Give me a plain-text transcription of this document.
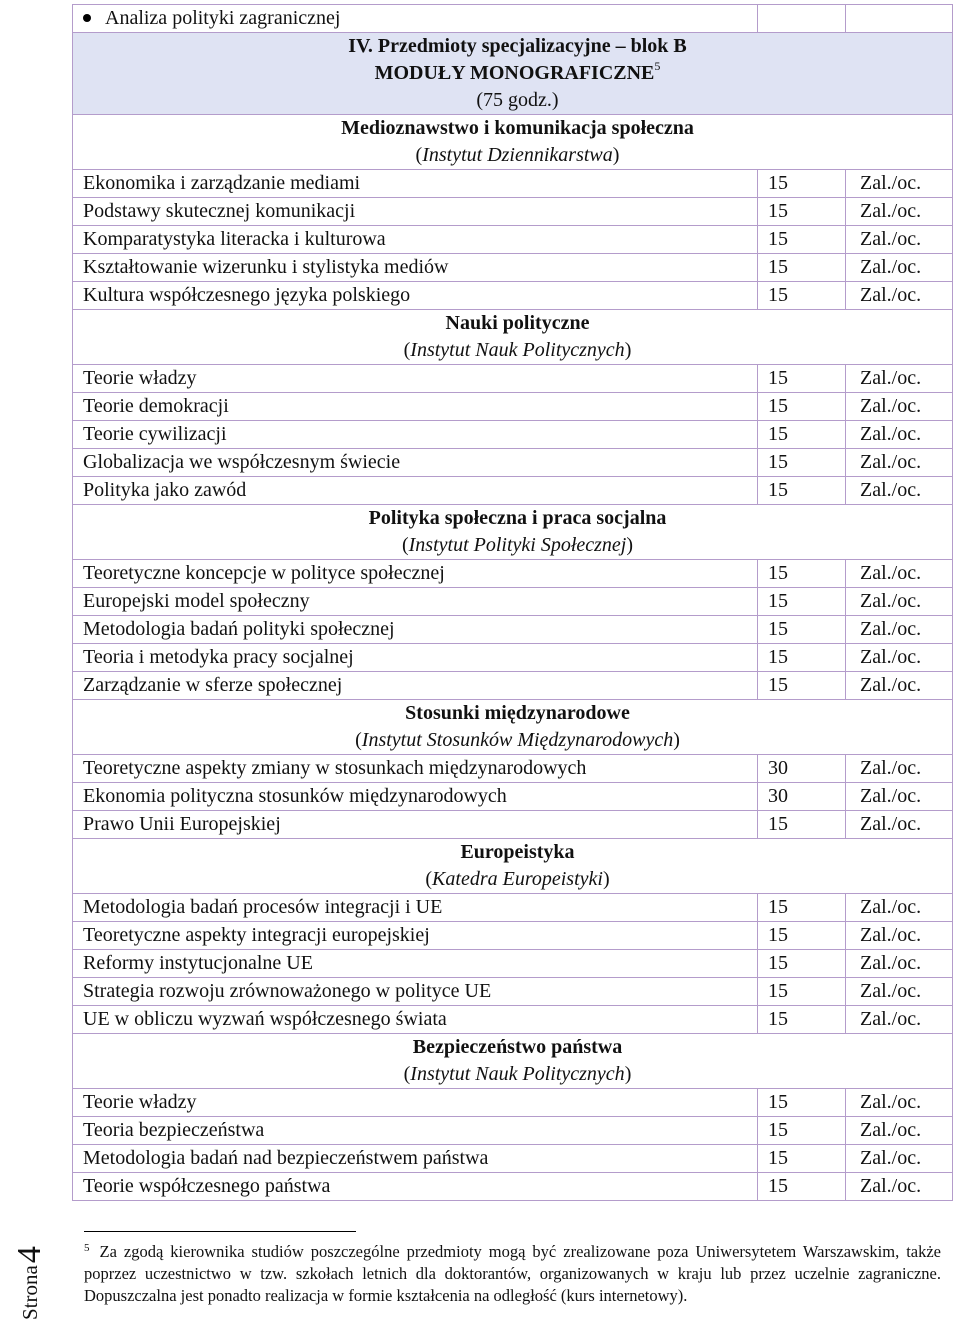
Analiza polityki zagranicznej		

IV. Przedmioty specjalizacyjne – blok B
MODUŁY MONOGRAFICZNE$^5$
(75 godz.)		

Medioznawstwo i komunikacja społeczna
(Instytut Dziennikarstwa)		

Ekonomika i zarządzanie mediami	15	Zal./oc.
Podstawy skutecznej komunikacji	15	Zal./oc.
Komparatystyka literacka i kulturowa	15	Zal./oc.
Kształtowanie wizerunku i stylistyka mediów	15	Zal./oc.
Kultura współczesnego języka polskiego	15	Zal./oc.

Nauki polityczne
(Instytut Nauk Politycznych)		

Teorie władzy	15	Zal./oc.
Teorie demokracji	15	Zal./oc.
Teorie cywilizacji	15	Zal./oc.
Globalizacja we współczesnym świecie	15	Zal./oc.
Polityka jako zawód	15	Zal./oc.

Polityka społeczna i praca socjalna
(Instytut Polityki Społecznej)		

Teoretyczne koncepcje w polityce społecznej	15	Zal./oc.
Europejski model społeczny	15	Zal./oc.
Metodologia badań polityki społecznej	15	Zal./oc.
Teoria i metodyka pracy socjalnej	15	Zal./oc.
Zarządzanie w sferze społecznej	15	Zal./oc.

Stosunki międzynarodowe
(Instytut Stosunków Międzynarodowych)		

Teoretyczne aspekty zmiany w stosunkach międzynarodowych	30	Zal./oc.
Ekonomia polityczna stosunków międzynarodowych	30	Zal./oc.
Prawo Unii Europejskiej	15	Zal./oc.

Europeistyka
(Katedra Europeistyki)		

Metodologia badań procesów integracji i UE	15	Zal./oc.
Teoretyczne aspekty integracji europejskiej	15	Zal./oc.
Reformy instytucjonalne UE	15	Zal./oc.
Strategia rozwoju zrównoważonego w polityce UE	15	Zal./oc.
UE w obliczu wyzwań współczesnego świata	15	Zal./oc.

Bezpieczeństwo państwa
(Instytut Nauk Politycznych)		

Teorie władzy	15	Zal./oc.
Teoria bezpieczeństwa	15	Zal./oc.
Metodologia badań nad bezpieczeństwem państwa	15	Zal./oc.
Teorie współczesnego państwa	15	Zal./oc.
$^5$ Za zgodą kierownika studiów poszczególne przedmioty mogą być zrealizowane poza Uniwersytetem Warszawskim, także poprzez uczestnictwo w tzw. szkołach letnich dla doktorantów, organizowanych w kraju lub przez uczelnie zagraniczne. Dopuszczalna jest ponadto realizacja w formie kształcenia na odległość (kurs internetowy).
Strona4
